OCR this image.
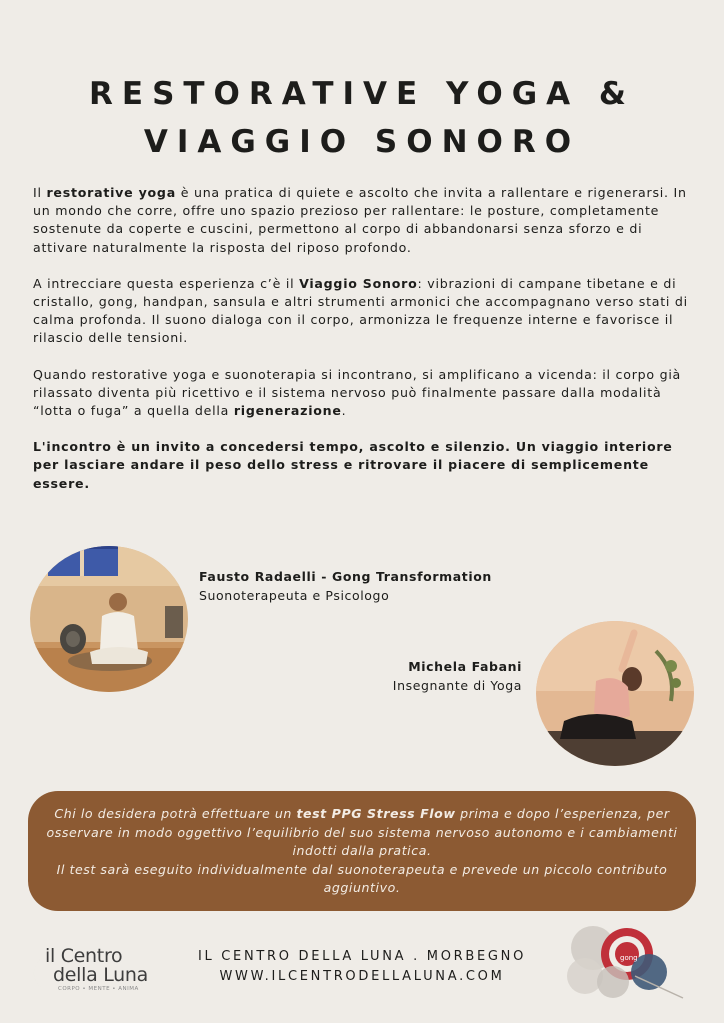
RESTORATIVE YOGA &
VIAGGIO SONORO

Il restorative yoga è una pratica di quiete e ascolto che invita a rallentare e rigenerarsi. In un mondo che corre, offre uno spazio prezioso per rallentare: le posture, completamente sostenute da coperte e cuscini, permettono al corpo di abbandonarsi senza sforzo e di attivare naturalmente la risposta del riposo profondo.

A intrecciare questa esperienza c’è il Viaggio Sonoro: vibrazioni di campane tibetane e di cristallo, gong, handpan, sansula e altri strumenti armonici che accompagnano verso stati di calma profonda. Il suono dialoga con il corpo, armonizza le frequenze interne e favorisce il rilascio delle tensioni.

Quando restorative yoga e suonoterapia si incontrano, si amplificano a vicenda: il corpo già rilassato diventa più ricettivo e il sistema nervoso può finalmente passare dalla modalità “lotta o fuga” a quella della rigenerazione.

L'incontro è un invito a concedersi tempo, ascolto e silenzio. Un viaggio interiore per lasciare andare il peso dello stress e ritrovare il piacere di semplicemente essere.

Fausto Radaelli - Gong Transformation
Suonoterapeuta e Psicologo
Michela Fabani
Insegnante di Yoga
Chi lo desidera potrà effettuare un test PPG Stress Flow prima e dopo l’esperienza, per osservare in modo oggettivo l’equilibrio del suo sistema nervoso autonomo e i cambiamenti indotti dalla pratica.
Il test sarà eseguito individualmente dal suonoterapeuta e prevede un piccolo contributo aggiuntivo.
il Centro
della Luna
CORPO • MENTE • ANIMA
IL CENTRO DELLA LUNA . MORBEGNO
WWW.ILCENTRODELLALUNA.COM
gong
